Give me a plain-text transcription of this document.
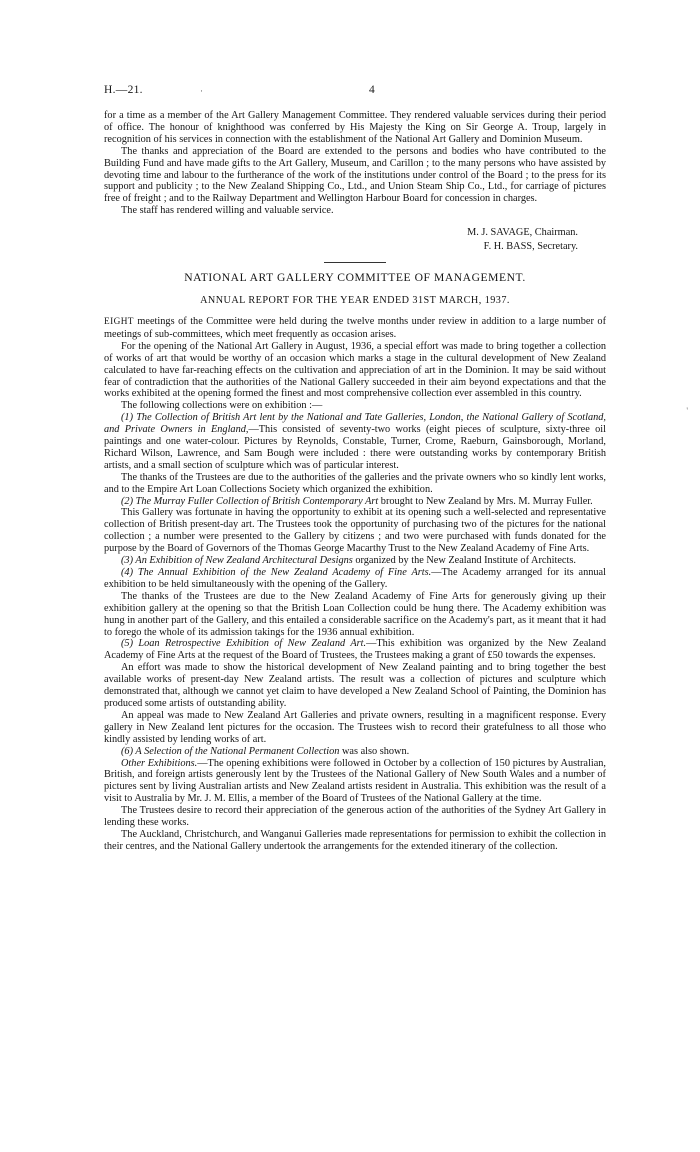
H.—21.	·	4

for a time as a member of the Art Gallery Management Committee. They rendered valuable services during their period of office. The honour of knighthood was conferred by His Majesty the King on Sir George A. Troup, largely in recognition of his services in connection with the establishment of the National Art Gallery and Dominion Museum.

The thanks and appreciation of the Board are extended to the persons and bodies who have contributed to the Building Fund and have made gifts to the Art Gallery, Museum, and Carillon ; to the many persons who have assisted by devoting time and labour to the furtherance of the work of the institutions under control of the Board ; to the press for its support and publicity ; to the New Zealand Shipping Co., Ltd., and Union Steam Ship Co., Ltd., for carriage of pictures free of freight ; and to the Railway Department and Wellington Harbour Board for concession in charges.

The staff has rendered willing and valuable service.

M. J. SAVAGE, Chairman.
F. H. BASS, Secretary.
NATIONAL ART GALLERY COMMITTEE OF MANAGEMENT.
ANNUAL REPORT FOR THE YEAR ENDED 31ST MARCH, 1937.

EIGHT meetings of the Committee were held during the twelve months under review in addition to a large number of meetings of sub-committees, which meet frequently as occasion arises.

For the opening of the National Art Gallery in August, 1936, a special effort was made to bring together a collection of works of art that would be worthy of an occasion which marks a stage in the cultural development of New Zealand calculated to have far-reaching effects on the cultivation and appreciation of art in the Dominion. It may be said without fear of contradiction that the authorities of the National Gallery succeeded in their aim beyond expectations and that the works exhibited at the opening formed the finest and most comprehensive collection ever assembled in this country.

The following collections were on exhibition :—

(1) The Collection of British Art lent by the National and Tate Galleries, London, the National Gallery of Scotland, and Private Owners in England,—This consisted of seventy-two works (eight pieces of sculpture, sixty-three oil paintings and one water-colour. Pictures by Reynolds, Constable, Turner, Crome, Raeburn, Gainsborough, Morland, Richard Wilson, Lawrence, and Sam Bough were included : there were outstanding works by contemporary British artists, and a small section of sculpture which was of particular interest.

The thanks of the Trustees are due to the authorities of the galleries and the private owners who so kindly lent works, and to the Empire Art Loan Collections Society which organized the exhibition.

(2) The Murray Fuller Collection of British Contemporary Art brought to New Zealand by Mrs. M. Murray Fuller.

This Gallery was fortunate in having the opportunity to exhibit at its opening such a well-selected and representative collection of British present-day art. The Trustees took the opportunity of purchasing two of the pictures for the national collection ; a number were presented to the Gallery by citizens ; and two were purchased with funds donated for the purpose by the Board of Governors of the Thomas George Macarthy Trust to the New Zealand Academy of Fine Arts.

(3) An Exhibition of New Zealand Architectural Designs organized by the New Zealand Institute of Architects.

(4) The Annual Exhibition of the New Zealand Academy of Fine Arts.—The Academy arranged for its annual exhibition to be held simultaneously with the opening of the Gallery.

The thanks of the Trustees are due to the New Zealand Academy of Fine Arts for generously giving up their exhibition gallery at the opening so that the British Loan Collection could be hung there. The Academy exhibition was hung in another part of the Gallery, and this entailed a considerable sacrifice on the Academy's part, as it meant that it had to forego the whole of its admission takings for the 1936 annual exhibition.

(5) Loan Retrospective Exhibition of New Zealand Art.—This exhibition was organized by the New Zealand Academy of Fine Arts at the request of the Board of Trustees, the Trustees making a grant of £50 towards the expenses.

An effort was made to show the historical development of New Zealand painting and to bring together the best available works of present-day New Zealand artists. The result was a collection of pictures and sculpture which demonstrated that, although we cannot yet claim to have developed a New Zealand School of Painting, the Dominion has produced some artists of outstanding ability.

An appeal was made to New Zealand Art Galleries and private owners, resulting in a magnificent response. Every gallery in New Zealand lent pictures for the occasion. The Trustees wish to record their gratefulness to all those who kindly assisted by lending works of art.

(6) A Selection of the National Permanent Collection was also shown.

Other Exhibitions.—The opening exhibitions were followed in October by a collection of 150 pictures by Australian, British, and foreign artists generously lent by the Trustees of the National Gallery of New South Wales and a number of pictures sent by living Australian artists and New Zealand artists resident in Australia. This exhibition was the result of a visit to Australia by Mr. J. M. Ellis, a member of the Board of Trustees of the National Gallery at the time.

The Trustees desire to record their appreciation of the generous action of the authorities of the Sydney Art Gallery in lending these works.

The Auckland, Christchurch, and Wanganui Galleries made representations for permission to exhibit the collection in their centres, and the National Gallery undertook the arrangements for the extended itinerary of the collection.

'
